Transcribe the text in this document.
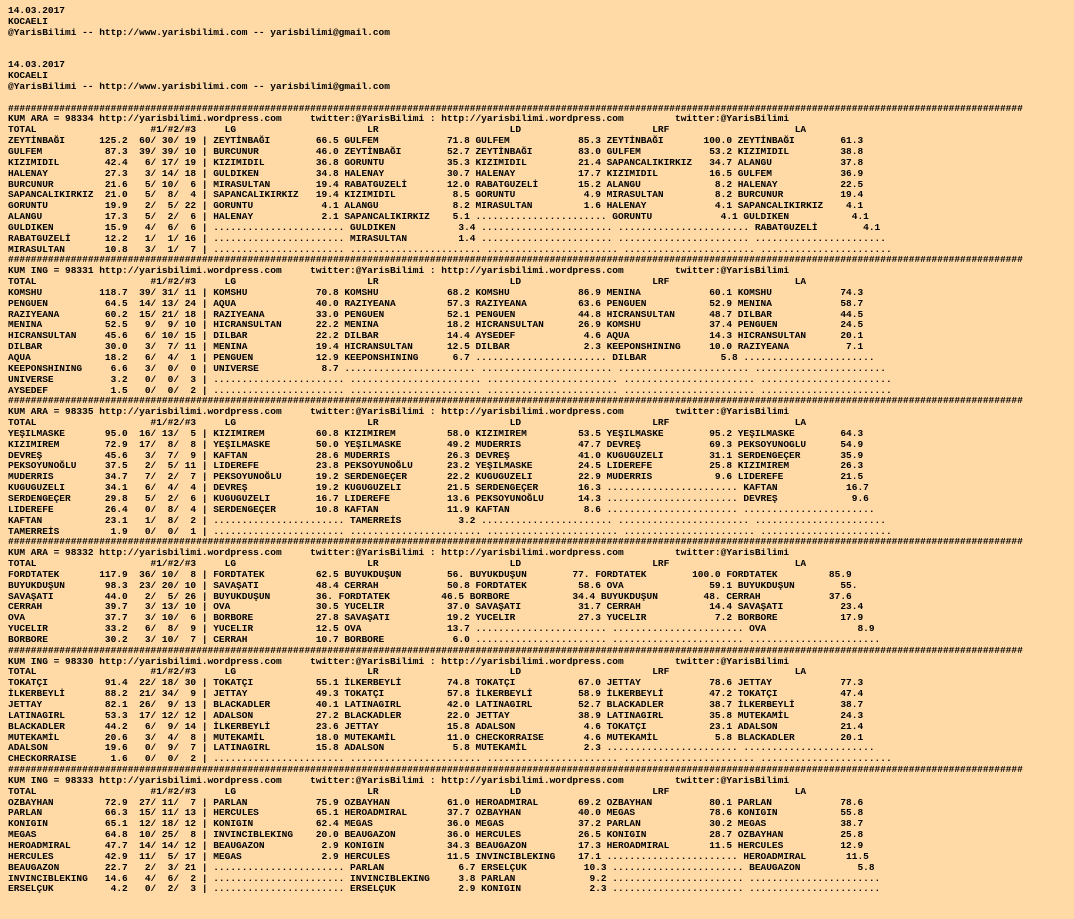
14.03.2017
KOCAELI
@YarisBilimi -- http://www.yarisbilimi.com -- yarisbilimi@gmail.com

14.03.2017
KOCAELI
@YarisBilimi -- http://www.yarisbilimi.com -- yarisbilimi@gmail.com

##################################################################################################################################################################################
KUM ARA = 98334 http://yarisbilimi.wordpress.com     twitter:@YarisBilimi : http://yarisbilimi.wordpress.com         twitter:@YarisBilimi
TOTAL                    #1/#2/#3     LG                       LR                       LD                       LRF                      LA
ZEYTİNBAĞI      125.2  60/ 30/ 19 | ZEYTİNBAĞI        66.5 GULFEM            71.8 GULFEM            85.3 ZEYTİNBAĞI       100.0 ZEYTİNBAĞI        61.3
GULFEM           87.3  39/ 39/ 10 | BURCUNUR          46.0 ZEYTİNBAĞI        52.7 ZEYTİNBAĞI        83.0 GULFEM            53.2 KIZIMIDIL         38.8
KIZIMIDIL        42.4   6/ 17/ 19 | KIZIMIDIL         36.8 GORUNTU           35.3 KIZIMIDIL         21.4 SAPANCALIKIRKIZ   34.7 ALANGU            37.8
HALENAY          27.3   3/ 14/ 18 | GULDIKEN          34.8 HALENAY           30.7 HALENAY           17.7 KIZIMIDIL         16.5 GULFEM            36.9
BURCUNUR         21.6   5/ 10/  6 | MIRASULTAN        19.4 RABATGUZELİ       12.0 RABATGUZELİ       15.2 ALANGU             8.2 HALENAY           22.5
SAPANCALIKIRKIZ  21.0   5/  8/  4 | SAPANCALIKIRKIZ   19.4 KIZIMIDIL          8.5 GORUNTU            4.9 MIRASULTAN         8.2 BURCUNUR          19.4
GORUNTU          19.9   2/  5/ 22 | GORUNTU            4.1 ALANGU             8.2 MIRASULTAN         1.6 HALENAY            4.1 SAPANCALIKIRKIZ    4.1
ALANGU           17.3   5/  2/  6 | HALENAY            2.1 SAPANCALIKIRKIZ    5.1 ....................... GORUNTU            4.1 GULDIKEN           4.1
GULDIKEN         15.9   4/  6/  6 | ....................... GULDIKEN           3.4 ....................... ....................... RABATGUZELİ        4.1
RABATGUZELİ      12.2   1/  1/ 16 | ....................... MIRASULTAN         1.4 ....................... ....................... .......................
MIRASULTAN       10.8   3/  1/  7 | ....................... ....................... ....................... ....................... .......................
##################################################################################################################################################################################
KUM ING = 98331 http://yarisbilimi.wordpress.com     twitter:@YarisBilimi : http://yarisbilimi.wordpress.com         twitter:@YarisBilimi
TOTAL                    #1/#2/#3     LG                       LR                       LD                       LRF                      LA
KOMSHU          118.7  39/ 31/ 11 | KOMSHU            70.8 KOMSHU            68.2 KOMSHU            86.9 MENINA            60.1 KOMSHU            74.3
PENGUEN          64.5  14/ 13/ 24 | AQUA              40.0 RAZIYEANA         57.3 RAZIYEANA         63.6 PENGUEN           52.9 MENINA            58.7
RAZIYEANA        60.2  15/ 21/ 18 | RAZIYEANA         33.0 PENGUEN           52.1 PENGUEN           44.8 HICRANSULTAN      48.7 DILBAR            44.5
MENINA           52.5   9/  9/ 10 | HICRANSULTAN      22.2 MENINA            18.2 HICRANSULTAN      26.9 KOMSHU            37.4 PENGUEN           24.5
HICRANSULTAN     45.6   6/ 10/ 15 | DILBAR            22.2 DILBAR            14.4 AYSEDEF            4.6 AQUA              14.3 HICRANSULTAN      20.1
DILBAR           30.0   3/  7/ 11 | MENINA            19.4 HICRANSULTAN      12.5 DILBAR             2.3 KEEPONSHINING     10.0 RAZIYEANA          7.1
AQUA             18.2   6/  4/  1 | PENGUEN           12.9 KEEPONSHINING      6.7 ....................... DILBAR             5.8 .......................
KEEPONSHINING     6.6   3/  0/  0 | UNIVERSE           8.7 ....................... ....................... ....................... .......................
UNIVERSE          3.2   0/  0/  3 | ....................... ....................... ....................... ....................... .......................
AYSEDEF           1.5   0/  0/  2 | ....................... ....................... ....................... ....................... .......................
##################################################################################################################################################################################
KUM ARA = 98335 http://yarisbilimi.wordpress.com     twitter:@YarisBilimi : http://yarisbilimi.wordpress.com         twitter:@YarisBilimi
TOTAL                    #1/#2/#3     LG                       LR                       LD                       LRF                      LA
YEŞILMASKE       95.0  16/ 13/  5 | KIZIMIREM         60.8 KIZIMIREM         58.0 KIZIMIREM         53.5 YEŞILMASKE        95.2 YEŞILMASKE        64.3
KIZIMIREM        72.9  17/  8/  8 | YEŞILMASKE        50.0 YEŞILMASKE        49.2 MUDERRIS          47.7 DEVREŞ            69.3 PEKSOYUNOGLU      54.9
DEVREŞ           45.6   3/  7/  9 | KAFTAN            28.6 MUDERRIS          26.3 DEVREŞ            41.0 KUGUGUZELI        31.1 SERDENGEÇER       35.9
PEKSOYUNOĞLU     37.5   2/  5/ 11 | LIDEREFE          23.8 PEKSOYUNOĞLU      23.2 YEŞILMASKE        24.5 LIDEREFE          25.8 KIZIMIREM         26.3
MUDERRIS         34.7   7/  2/  7 | PEKSOYUNOĞLU      19.2 SERDENGEÇER       22.2 KUGUGUZELI        22.9 MUDERRIS           9.6 LIDEREFE          21.5
KUGUGUZELI       34.1   6/  4/  4 | DEVREŞ            19.2 KUGUGUZELI        21.5 SERDENGEÇER       16.3 ....................... KAFTAN            16.7
SERDENGEÇER      29.8   5/  2/  6 | KUGUGUZELI        16.7 LIDEREFE          13.6 PEKSOYUNOĞLU      14.3 ....................... DEVREŞ             9.6
LIDEREFE         26.4   0/  8/  4 | SERDENGEÇER       10.8 KAFTAN            11.9 KAFTAN             8.6 ....................... .......................
KAFTAN           23.1   1/  8/  2 | ....................... TAMERREİS          3.2 ....................... ....................... .......................
TAMERREİS         1.9   0/  0/  1 | ....................... ....................... ....................... ....................... .......................
##################################################################################################################################################################################
KUM ARA = 98332 http://yarisbilimi.wordpress.com     twitter:@YarisBilimi : http://yarisbilimi.wordpress.com         twitter:@YarisBilimi
TOTAL                    #1/#2/#3     LG                       LR                       LD                       LRF                      LA
FORDTATEK       117.9  36/ 10/  8 | FORDTATEK         62.5 BUYUKDUŞUN        56. BUYUKDUŞUN        77. FORDTATEK        100.0 FORDTATEK         85.9
BUYUKDUŞUN       98.3  23/ 20/ 10 | SAVAŞATI          48.4 CERRAH            50.8 FORDTATEK         58.6 OVA               59.1 BUYUKDUŞUN        55.
SAVAŞATI         44.0   2/  5/ 26 | BUYUKDUŞUN        36. FORDTATEK         46.5 BORBORE           34.4 BUYUKDUŞUN        48. CERRAH            37.6
CERRAH           39.7   3/ 13/ 10 | OVA               30.5 YUCELIR           37.0 SAVAŞATI          31.7 CERRAH            14.4 SAVAŞATI          23.4
OVA              37.7   3/ 10/  6 | BORBORE           27.8 SAVAŞATI          19.2 YUCELIR           27.3 YUCELIR            7.2 BORBORE           17.9
YUCELIR          33.2   6/  8/  9 | YUCELIR           12.5 OVA               13.7 ....................... ....................... OVA                8.9
BORBORE          30.2   3/ 10/  7 | CERRAH            10.7 BORBORE            6.0 ....................... ....................... .......................
##################################################################################################################################################################################
KUM ING = 98330 http://yarisbilimi.wordpress.com     twitter:@YarisBilimi : http://yarisbilimi.wordpress.com         twitter:@YarisBilimi
TOTAL                    #1/#2/#3     LG                       LR                       LD                       LRF                      LA
TOKATÇI          91.4  22/ 18/ 30 | TOKATÇI           55.1 İLKERBEYLİ        74.8 TOKATÇI           67.0 JETTAY            78.6 JETTAY            77.3
İLKERBEYLİ       88.2  21/ 34/  9 | JETTAY            49.3 TOKATÇI           57.8 İLKERBEYLİ        58.9 İLKERBEYLİ        47.2 TOKATÇI           47.4
JETTAY           82.1  26/  9/ 13 | BLACKADLER        40.1 LATINAGIRL        42.0 LATINAGIRL        52.7 BLACKADLER        38.7 İLKERBEYLİ        38.7
LATINAGIRL       53.3  17/ 12/ 12 | ADALSON           27.2 BLACKADLER        22.0 JETTAY            38.9 LATINAGIRL        35.8 MUTEKAMİL         24.3
BLACKADLER       44.2   6/  9/ 14 | İLKERBEYLİ        23.6 JETTAY            15.8 ADALSON            4.6 TOKATÇI           23.1 ADALSON           21.4
MUTEKAMİL        20.6   3/  4/  8 | MUTEKAMİL         18.0 MUTEKAMİL         11.0 CHECKORRAISE       4.6 MUTEKAMİL          5.8 BLACKADLER        20.1
ADALSON          19.6   0/  9/  7 | LATINAGIRL        15.8 ADALSON            5.8 MUTEKAMİL          2.3 ....................... .......................
CHECKORRAISE      1.6   0/  0/  2 | ....................... ....................... ....................... ....................... .......................
##################################################################################################################################################################################
KUM ING = 98333 http://yarisbilimi.wordpress.com     twitter:@YarisBilimi : http://yarisbilimi.wordpress.com         twitter:@YarisBilimi
TOTAL                    #1/#2/#3     LG                       LR                       LD                       LRF                      LA
OZBAYHAN         72.9  27/ 11/  7 | PARLAN            75.9 OZBAYHAN          61.0 HEROADMIRAL       69.2 OZBAYHAN          80.1 PARLAN            78.6
PARLAN           66.3  15/ 11/ 13 | HERCULES          65.1 HEROADMIRAL       37.7 OZBAYHAN          40.0 MEGAS             78.6 KONIGIN           55.8
KONIGIN          65.1  12/ 18/ 12 | KONIGIN           62.4 MEGAS             36.0 MEGAS             37.2 PARLAN            30.2 MEGAS             38.7
MEGAS            64.8  10/ 25/  8 | INVINCIBLEKING    20.0 BEAUGAZON         36.0 HERCULES          26.5 KONIGIN           28.7 OZBAYHAN          25.8
HEROADMIRAL      47.7  14/ 14/ 12 | BEAUGAZON          2.9 KONIGIN           34.3 BEAUGAZON         17.3 HEROADMIRAL       11.5 HERCULES          12.9
HERCULES         42.9  11/  5/ 17 | MEGAS              2.9 HERCULES          11.5 INVINCIBLEKING    17.1 ....................... HEROADMIRAL       11.5
BEAUGAZON        22.7   2/  3/ 21 | ....................... PARLAN             6.7 ERSELÇUK          10.3 ....................... BEAUGAZON          5.8
INVINCIBLEKING   14.6   4/  6/  2 | ....................... INVINCIBLEKING     3.8 PARLAN             9.2 ....................... .......................
ERSELÇUK          4.2   0/  2/  3 | ....................... ERSELÇUK           2.9 KONIGIN            2.3 ....................... .......................
